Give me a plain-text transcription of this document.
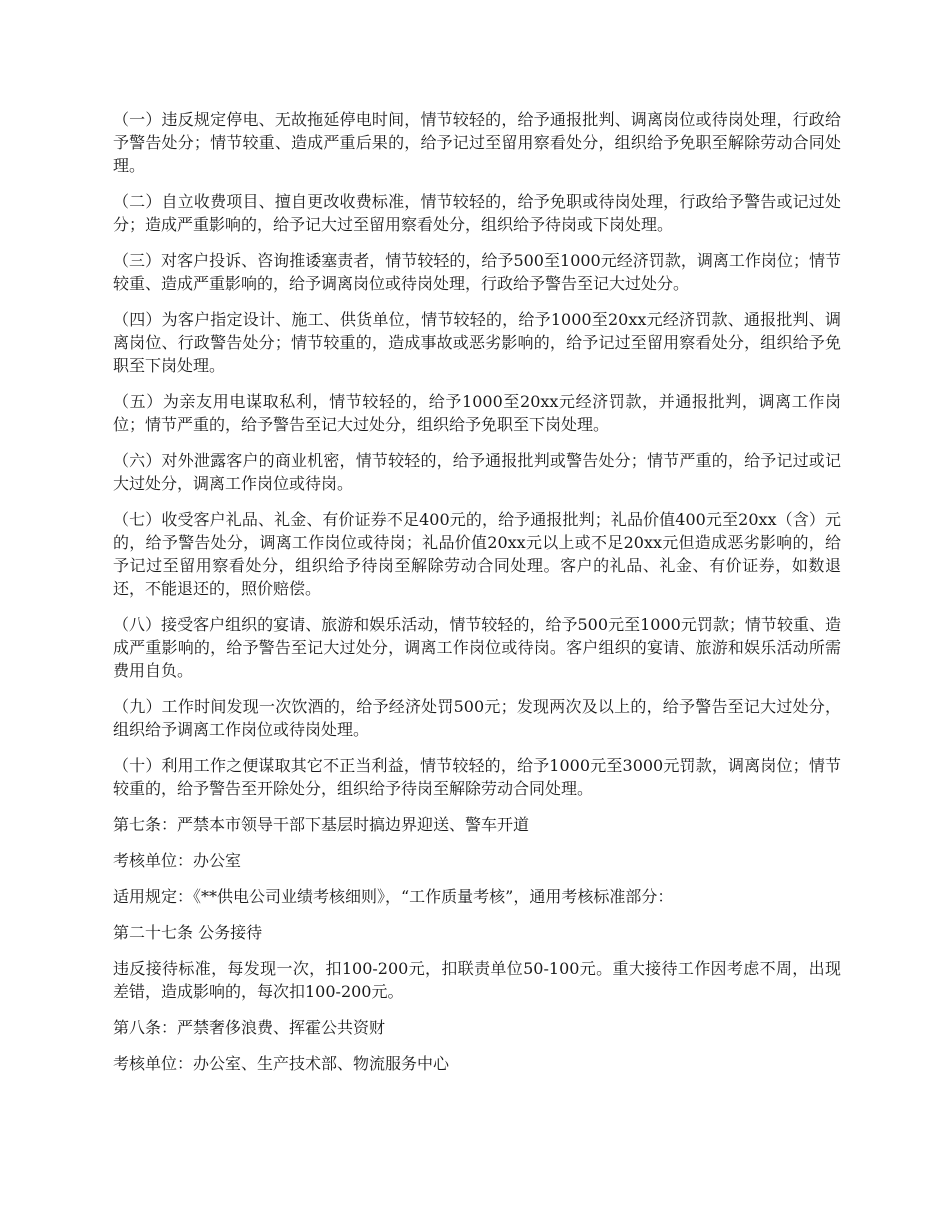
（一）违反规定停电、无故拖延停电时间，情节较轻的，给予通报批判、调离岗位或待岗处理，行政给予警告处分；情节较重、造成严重后果的，给予记过至留用察看处分，组织给予免职至解除劳动合同处理。

（二）自立收费项目、擅自更改收费标准，情节较轻的，给予免职或待岗处理，行政给予警告或记过处分；造成严重影响的，给予记大过至留用察看处分，组织给予待岗或下岗处理。

（三）对客户投诉、咨询推诿塞责者，情节较轻的，给予500至1000元经济罚款，调离工作岗位；情节较重、造成严重影响的，给予调离岗位或待岗处理，行政给予警告至记大过处分。

（四）为客户指定设计、施工、供货单位，情节较轻的，给予1000至20xx元经济罚款、通报批判、调离岗位、行政警告处分；情节较重的，造成事故或恶劣影响的，给予记过至留用察看处分，组织给予免职至下岗处理。

（五）为亲友用电谋取私利，情节较轻的，给予1000至20xx元经济罚款，并通报批判，调离工作岗位；情节严重的，给予警告至记大过处分，组织给予免职至下岗处理。

（六）对外泄露客户的商业机密，情节较轻的，给予通报批判或警告处分；情节严重的，给予记过或记大过处分，调离工作岗位或待岗。

（七）收受客户礼品、礼金、有价证券不足400元的，给予通报批判；礼品价值400元至20xx（含）元的，给予警告处分，调离工作岗位或待岗；礼品价值20xx元以上或不足20xx元但造成恶劣影响的，给予记过至留用察看处分，组织给予待岗至解除劳动合同处理。客户的礼品、礼金、有价证券，如数退还，不能退还的，照价赔偿。

（八）接受客户组织的宴请、旅游和娱乐活动，情节较轻的，给予500元至1000元罚款；情节较重、造成严重影响的，给予警告至记大过处分，调离工作岗位或待岗。客户组织的宴请、旅游和娱乐活动所需费用自负。

（九）工作时间发现一次饮酒的，给予经济处罚500元；发现两次及以上的，给予警告至记大过处分，组织给予调离工作岗位或待岗处理。

（十）利用工作之便谋取其它不正当利益，情节较轻的，给予1000元至3000元罚款，调离岗位；情节较重的，给予警告至开除处分，组织给予待岗至解除劳动合同处理。

第七条：严禁本市领导干部下基层时搞边界迎送、警车开道

考核单位：办公室

适用规定：《**供电公司业绩考核细则》，“工作质量考核”，通用考核标准部分：

第二十七条 公务接待

违反接待标准，每发现一次，扣100-200元，扣联责单位50-100元。重大接待工作因考虑不周，出现差错，造成影响的，每次扣100-200元。

第八条：严禁奢侈浪费、挥霍公共资财

考核单位：办公室、生产技术部、物流服务中心
